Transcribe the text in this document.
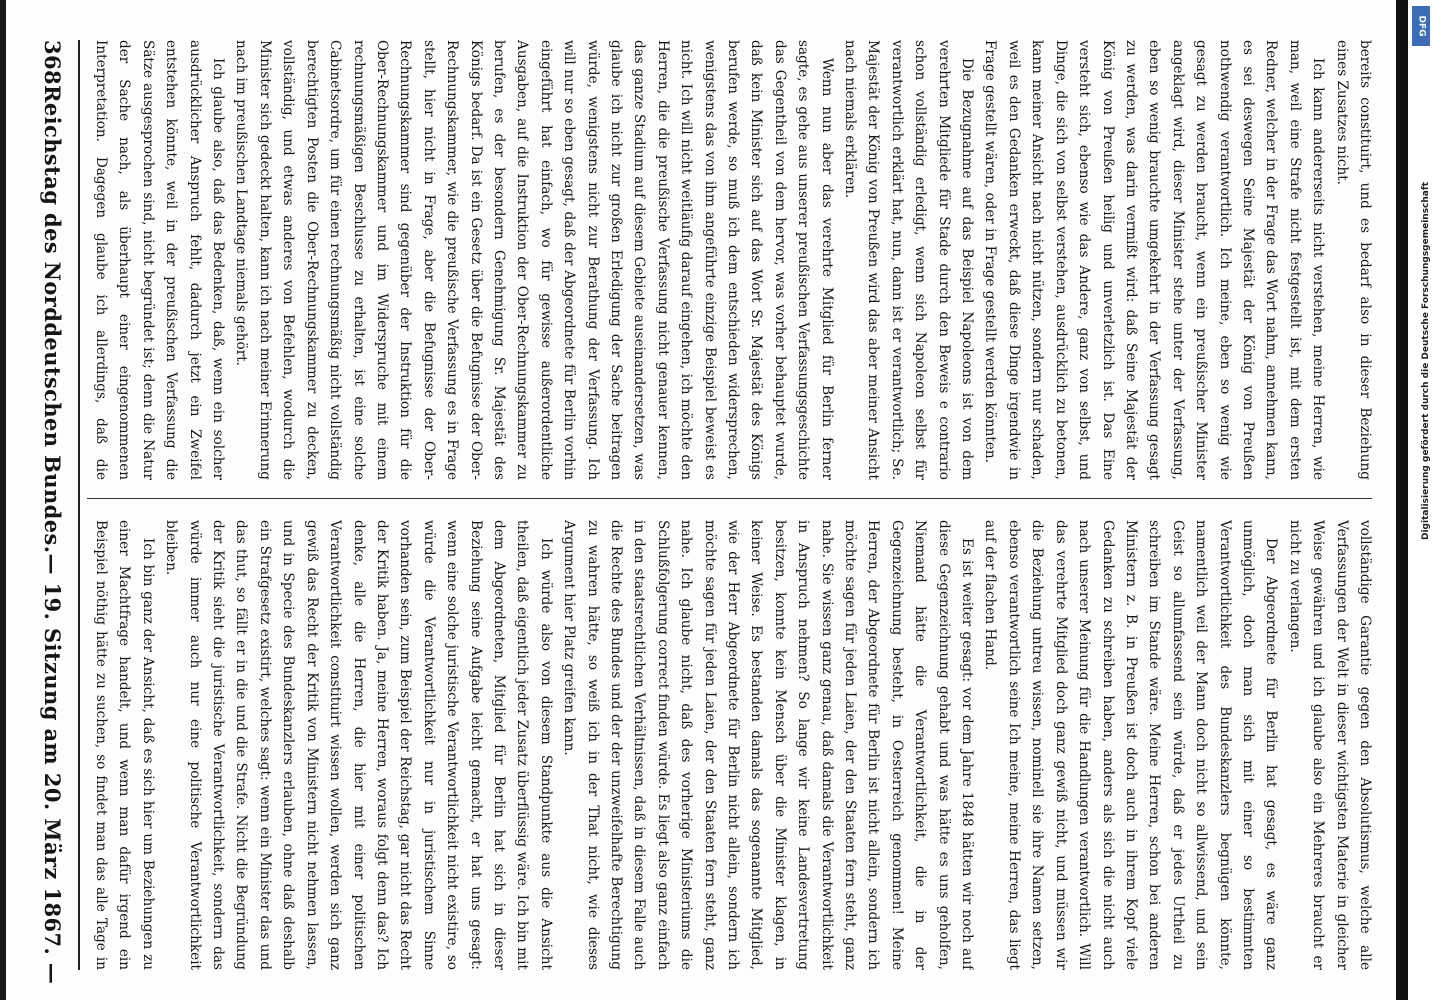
368
Reichstag des Norddeutschen Bundes.
— 19. Sitzung am 20. März 1867. —

bereits constituirt, und es bedarf also in dieser Beziehung eines Zusatzes nicht.

Ich kann andererseits nicht verstehen, meine Herren, wie man, weil eine Strafe nicht festgestellt ist, mit dem ersten Redner, welcher in der Frage das Wort nahm, annehmen kann, es sei deswegen Seine Majestät der König von Preußen nothwendig verantwortlich. Ich meine, eben so wenig wie gesagt zu werden braucht, wenn ein preußischer Minister angeklagt wird, dieser Minister stehe unter der Verfassung, eben so wenig brauchte umgekehrt in der Verfassung gesagt zu werden, was darin vermißt wird: daß Seine Majestät der König von Preußen heilig und unverletzlich ist. Das Eine versteht sich, ebenso wie das Andere, ganz von selbst, und Dinge, die sich von selbst verstehen, ausdrücklich zu betonen, kann meiner Ansicht nach nicht nützen, sondern nur schaden, weil es den Gedanken erweckt, daß diese Dinge irgendwie in Frage gestellt wären, oder in Frage gestellt werden könnten.

Die Bezugnahme auf das Beispiel Napoleons ist von dem verehrten Mitgliede für Stade durch den Beweis e contrario schon vollständig erledigt, wenn sich Napoleon selbst für verantwortlich erklärt hat, nun, dann ist er verantwortlich; Se. Majestät der König von Preußen wird das aber meiner Ansicht nach niemals erklären.

Wenn nun aber das verehrte Mitglied für Berlin ferner sagte, es gehe aus unserer preußischen Verfassungsgeschichte das Gegentheil von dem hervor, was vorher behauptet wurde, daß kein Minister sich auf das Wort Sr. Majestät des Königs berufen werde, so muß ich dem entschieden widersprechen, wenigstens das von ihm angeführte einzige Beispiel beweist es nicht. Ich will nicht weitläufig darauf eingehen, ich möchte den Herren, die die preußische Verfassung nicht genauer kennen, das ganze Stadium auf diesem Gebiete auseinandersetzen, was glaube ich nicht zur großen Erledigung der Sache beitragen würde, wenigstens nicht zur Berathung der Verfassung. Ich will nur so eben gesagt, daß der Abgeordnete für Berlin vorhin eingeführt hat einfach, wo für gewisse außerordentliche Ausgaben, auf die Instruktion der Ober-Rechnungskammer zu berufen, es der besondern Genehmigung Sr. Majestät des Königs bedarf. Da ist ein Gesetz über die Befugnisse der Ober-Rechnungskammer, wie die preußische Verfassung es in Frage stellt, hier nicht in Frage, aber die Befugnisse der Ober-Rechnungskammer sind gegenüber der Instruktion für die Ober-Rechnungskammer und im Widerspruche mit einem rechnungsmäßigen Beschlusse zu erhalten, ist eine solche Cabinetsordre, um für einen rechnungsmäßig nicht vollständig berechtigten Posten die Ober-Rechnungskammer zu decken, vollständig, und etwas anderes von Befehlen, wodurch die Minister sich gedeckt halten, kann ich nach meiner Erinnerung nach im preußischen Landtage niemals gehört.

Ich glaube also, daß das Bedenken, daß, wenn ein solcher ausdrücklicher Anspruch fehlt, dadurch jetzt ein Zweifel entstehen könnte, weil in der preußischen Verfassung die Sätze ausgesprochen sind, nicht begründet ist; denn die Natur der Sache nach, als überhaupt einer eingenommenen Interpretation. Dagegen glaube ich allerdings, daß die

vollständige Garantie gegen den Absolutismus, welche alle Verfassungen der Welt in dieser wichtigsten Materie in gleicher Weise gewähren und ich glaube also ein Mehreres braucht er nicht zu verlangen.

Der Abgeordnete für Berlin hat gesagt, es wäre ganz unmöglich, doch man sich mit einer so bestimmten Verantwortlichkeit des Bundeskanzlers begnügen könnte, namentlich weil der Mann doch nicht so allwissend, und sein Geist so allumfassend sein würde, daß er jedes Urtheil zu schreiben im Stande wäre. Meine Herren, schon bei anderen Ministern z. B. in Preußen ist doch auch in ihrem Kopf viele Gedanken zu schreiben haben, anders als sich die nicht auch nach unserer Meinung für die Handlungen verantwortlich. Will das verehrte Mitglied doch ganz gewiß nicht, und müssen wir die Beziehung untreu wissen, nominell sie ihre Namen setzen, ebenso verantwortlich seine Ich meine, meine Herren, das liegt auf der flachen Hand.

Es ist weiter gesagt: vor dem Jahre 1848 hätten wir noch auf diese Gegenzeichnung gehabt und was hätte es uns geholfen, Niemand hätte die Verantwortlichkeit, die in der Gegenzeichnung besteht, in Oesterreich genommen! Meine Herren, der Abgeordnete für Berlin ist nicht allein, sondern ich möchte sagen für jeden Laien, der den Staaten fern steht, ganz nahe. Sie wissen ganz genau, daß damals die Verantwortlichkeit in Anspruch nehmen? So lange wir keine Landesvertretung besitzen, konnte kein Mensch über die Minister klagen, in keiner Weise. Es bestanden damals das sogenannte Mitglied, wie der Herr Abgeordnete für Berlin nicht allein, sondern ich möchte sagen für jeden Laien, der den Staaten fern steht, ganz nahe. Ich glaube nicht, daß des vorherige Ministeriums die Schlußfolgerung correct finden würde. Es liegt also ganz einfach in den staatsrechtlichen Verhältnissen, daß in diesem Falle auch die Rechte des Bundes und der der unzweifelhafte Berechtigung zu wahren hätte, so weiß ich in der That nicht, wie dieses Argument hier Platz greifen kann.

Ich würde also von diesem Standpunkte aus die Ansicht theilen, daß eigentlich jeder Zusatz überflüssig wäre. Ich bin mit dem Abgeordneten, Mitglied für Berlin hat sich in dieser Beziehung seine Aufgabe leicht gemacht, er hat uns gesagt: wenn eine solche juristische Verantwortlichkeit nicht existire, so würde die Verantwortlichkeit nur in juristischem Sinne vorhanden sein, zum Beispiel der Reichstag, gar nicht das Recht der Kritik haben. Ja, meine Herren, woraus folgt denn das? Ich denke, alle die Herren, die hier mit einer politischen Verantwortlichkeit constituirt wissen wollen, werden sich ganz gewiß das Recht der Kritik von Ministern nicht nehmen lassen, und in Specie des Bundeskanzlers erlauben, ohne daß deshalb ein Strafgesetz existirt, welches sagt: wenn ein Minister das und das thut, so fällt er in die und die Strafe. Nicht die Begründung der Kritik sieht die juristische Verantwortlichkeit, sondern das würde immer auch nur eine politische Verantwortlichkeit bleiben.

Ich bin ganz der Ansicht, daß es sich hier um Beziehungen zu einer Machtfrage handelt, und wenn man dafür irgend ein Beispiel nöthig hätte zu suchen, so findet man das alle Tage in

DFG
Digitalisierung gefördert durch die Deutsche Forschungsgemeinschaft
